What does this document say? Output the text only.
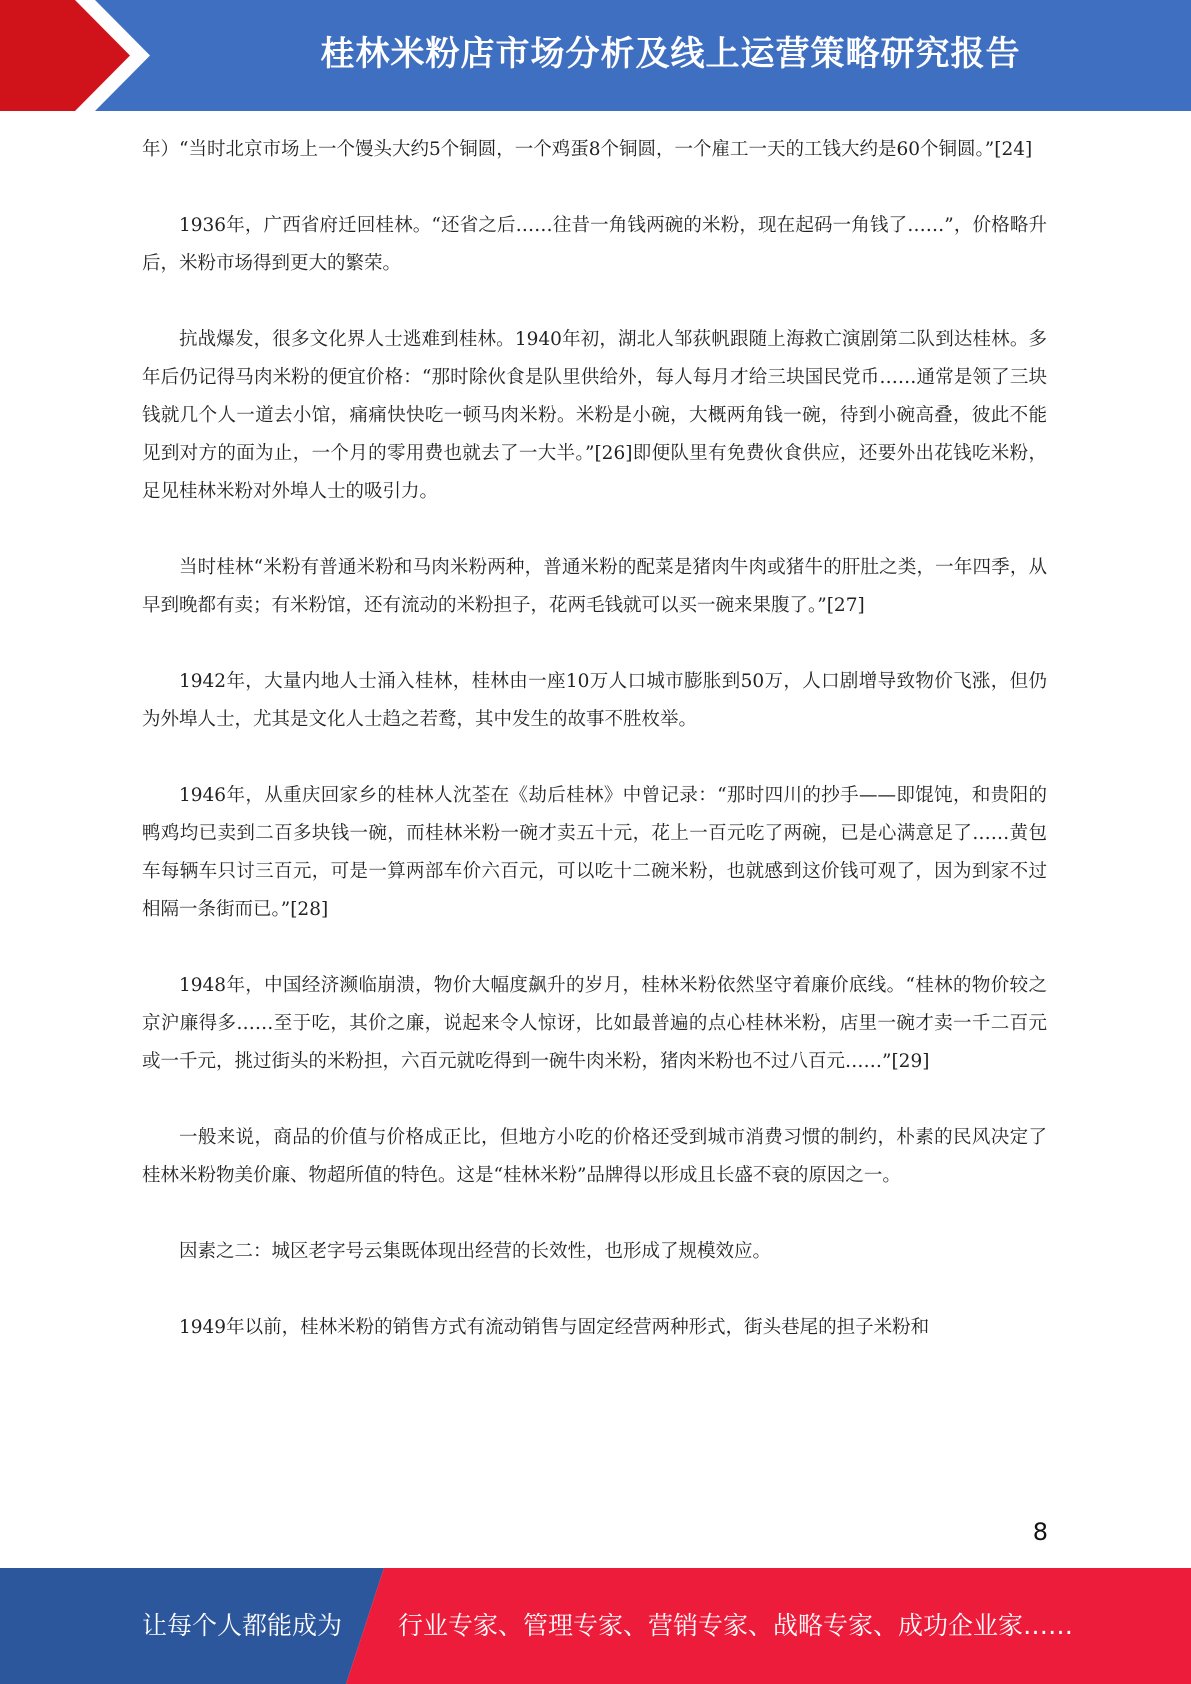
桂林米粉店市场分析及线上运营策略研究报告

年）“当时北京市场上一个馒头大约5个铜圆，一个鸡蛋8个铜圆，一个雇工一天的工钱大约是60个铜圆。”[24]

1936年，广西省府迁回桂林。“还省之后……往昔一角钱两碗的米粉，现在起码一角钱了……”，价格略升后，米粉市场得到更大的繁荣。

抗战爆发，很多文化界人士逃难到桂林。1940年初，湖北人邹荻帆跟随上海救亡演剧第二队到达桂林。多年后仍记得马肉米粉的便宜价格：“那时除伙食是队里供给外，每人每月才给三块国民党币……通常是领了三块钱就几个人一道去小馆，痛痛快快吃一顿马肉米粉。米粉是小碗，大概两角钱一碗，待到小碗高叠，彼此不能见到对方的面为止，一个月的零用费也就去了一大半。”[26]即便队里有免费伙食供应，还要外出花钱吃米粉，足见桂林米粉对外埠人士的吸引力。

当时桂林“米粉有普通米粉和马肉米粉两种，普通米粉的配菜是猪肉牛肉或猪牛的肝肚之类，一年四季，从早到晚都有卖；有米粉馆，还有流动的米粉担子，花两毛钱就可以买一碗来果腹了。”[27]

1942年，大量内地人士涌入桂林，桂林由一座10万人口城市膨胀到50万，人口剧增导致物价飞涨，但仍为外埠人士，尤其是文化人士趋之若鹜，其中发生的故事不胜枚举。

1946年，从重庆回家乡的桂林人沈荃在《劫后桂林》中曾记录：“那时四川的抄手——即馄饨，和贵阳的鸭鸡均已卖到二百多块钱一碗，而桂林米粉一碗才卖五十元，花上一百元吃了两碗，已是心满意足了……黄包车每辆车只讨三百元，可是一算两部车价六百元，可以吃十二碗米粉，也就感到这价钱可观了，因为到家不过相隔一条街而已。”[28]

1948年，中国经济濒临崩溃，物价大幅度飙升的岁月，桂林米粉依然坚守着廉价底线。“桂林的物价较之京沪廉得多……至于吃，其价之廉，说起来令人惊讶，比如最普遍的点心桂林米粉，店里一碗才卖一千二百元或一千元，挑过街头的米粉担，六百元就吃得到一碗牛肉米粉，猪肉米粉也不过八百元……”[29]

一般来说，商品的价值与价格成正比，但地方小吃的价格还受到城市消费习惯的制约，朴素的民风决定了桂林米粉物美价廉、物超所值的特色。这是“桂林米粉”品牌得以形成且长盛不衰的原因之一。

因素之二：城区老字号云集既体现出经营的长效性，也形成了规模效应。

1949年以前，桂林米粉的销售方式有流动销售与固定经营两种形式，街头巷尾的担子米粉和

8
让每个人都能成为 行业专家、管理专家、营销专家、战略专家、成功企业家……
